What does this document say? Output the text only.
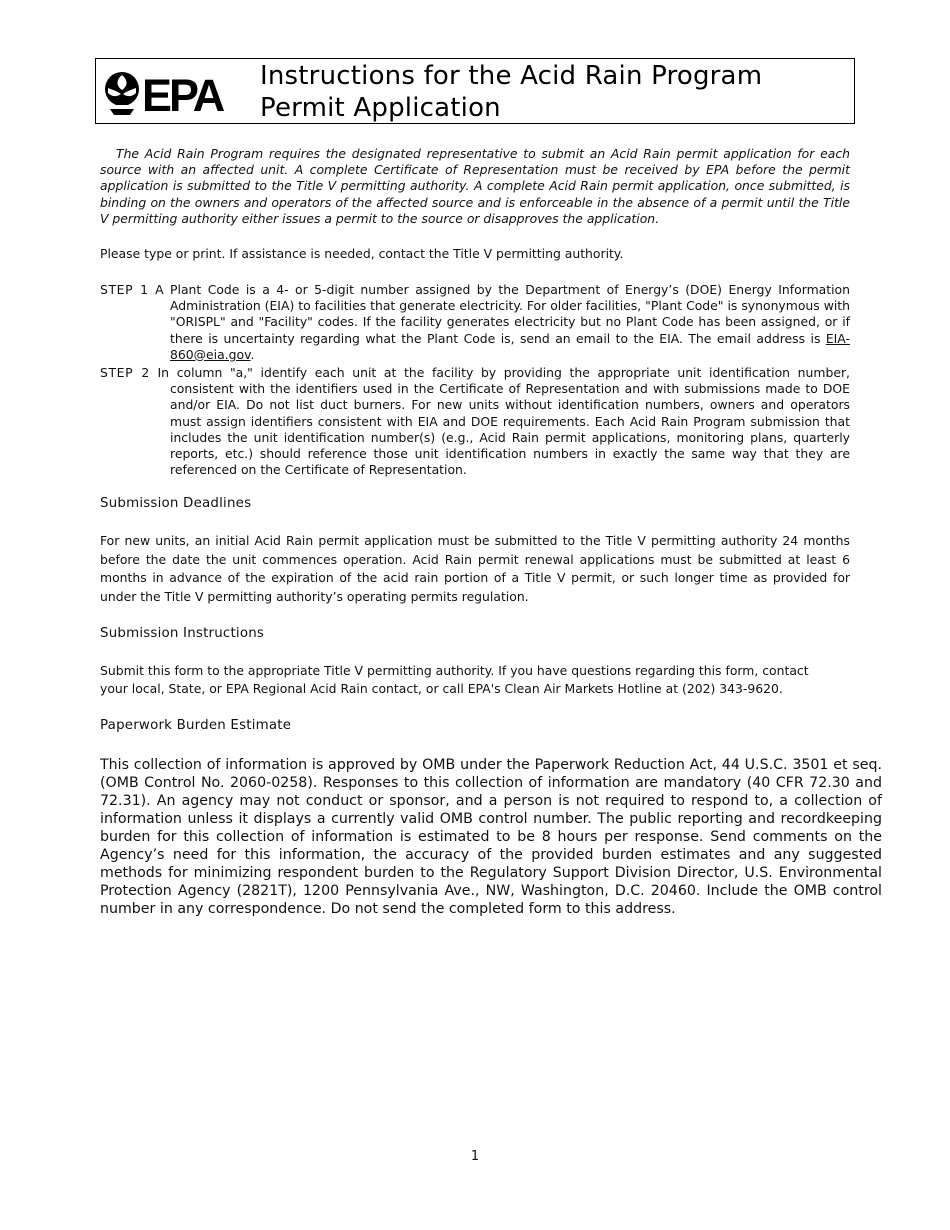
EPA Instructions for the Acid Rain Program
Permit Application

The Acid Rain Program requires the designated representative to submit an Acid Rain permit application for each source with an affected unit. A complete Certificate of Representation must be received by EPA before the permit application is submitted to the Title V permitting authority. A complete Acid Rain permit application, once submitted, is binding on the owners and operators of the affected source and is enforceable in the absence of a permit until the Title V permitting authority either issues a permit to the source or disapproves the application.

Please type or print. If assistance is needed, contact the Title V permitting authority.

STEP 1 A Plant Code is a 4- or 5-digit number assigned by the Department of Energy’s (DOE) Energy Information Administration (EIA) to facilities that generate electricity. For older facilities, "Plant Code" is synonymous with "ORISPL" and "Facility" codes. If the facility generates electricity but no Plant Code has been assigned, or if there is uncertainty regarding what the Plant Code is, send an email to the EIA. The email address is EIA-860@eia.gov.

STEP 2 In column "a," identify each unit at the facility by providing the appropriate unit identification number, consistent with the identifiers used in the Certificate of Representation and with submissions made to DOE and/or EIA. Do not list duct burners. For new units without identification numbers, owners and operators must assign identifiers consistent with EIA and DOE requirements. Each Acid Rain Program submission that includes the unit identification number(s) (e.g., Acid Rain permit applications, monitoring plans, quarterly reports, etc.) should reference those unit identification numbers in exactly the same way that they are referenced on the Certificate of Representation.

Submission Deadlines

For new units, an initial Acid Rain permit application must be submitted to the Title V permitting authority 24 months before the date the unit commences operation. Acid Rain permit renewal applications must be submitted at least 6 months in advance of the expiration of the acid rain portion of a Title V permit, or such longer time as provided for under the Title V permitting authority’s operating permits regulation.

Submission Instructions

Submit this form to the appropriate Title V permitting authority. If you have questions regarding this form, contact your local, State, or EPA Regional Acid Rain contact, or call EPA's Clean Air Markets Hotline at (202) 343-9620.

Paperwork Burden Estimate

This collection of information is approved by OMB under the Paperwork Reduction Act, 44 U.S.C. 3501 et seq. (OMB Control No. 2060-0258). Responses to this collection of information are mandatory (40 CFR 72.30 and 72.31). An agency may not conduct or sponsor, and a person is not required to respond to, a collection of information unless it displays a currently valid OMB control number. The public reporting and recordkeeping burden for this collection of information is estimated to be 8 hours per response. Send comments on the Agency’s need for this information, the accuracy of the provided burden estimates and any suggested methods for minimizing respondent burden to the Regulatory Support Division Director, U.S. Environmental Protection Agency (2821T), 1200 Pennsylvania Ave., NW, Washington, D.C. 20460. Include the OMB control number in any correspondence. Do not send the completed form to this address.

1
